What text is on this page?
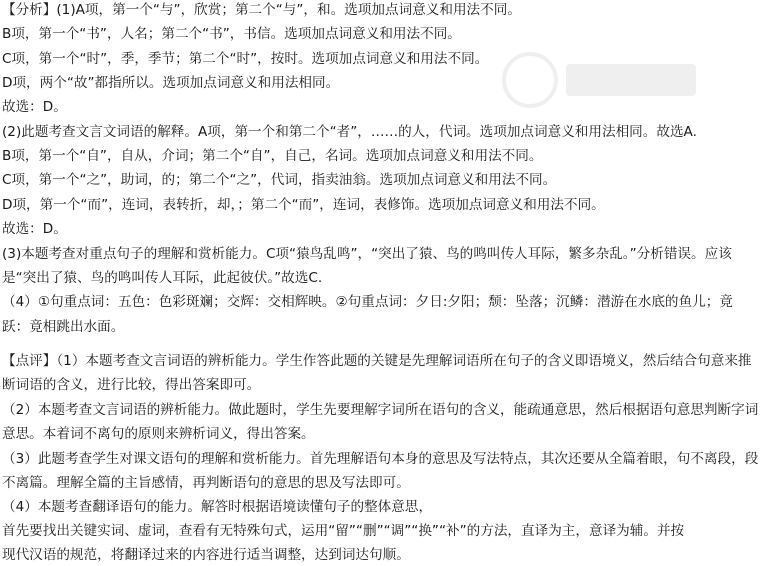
【分析】(1)A项，第一个“与”，欣赏；第二个“与”，和。选项加点词意义和用法不同。
B项，第一个“书”，人名；第二个“书”，书信。选项加点词意义和用法不同。
C项，第一个“时”，季，季节；第二个“时”，按时。选项加点词意义和用法不同。
D项，两个“故”都指所以。选项加点词意义和用法相同。
故选：D。
(2)此题考查文言文词语的解释。A项，第一个和第二个“者”，……的人，代词。选项加点词意义和用法相同。故选A.
B项，第一个“自”，自从，介词；第二个“自”，自己，名词。选项加点词意义和用法不同。
C项，第一个“之”，助词，的；第二个“之”，代词，指卖油翁。选项加点词意义和用法不同。
D项，第一个“而”，连词，表转折，却，；第二个“而”，连词，表修饰。选项加点词意义和用法不同。
故选：D。
(3)本题考查对重点句子的理解和赏析能力。C项“猿鸟乱鸣”，“突出了猿、鸟的鸣叫传人耳际，繁多杂乱。”分析错误。应该
是“突出了猿、鸟的鸣叫传人耳际，此起彼伏。”故选C.
（4）①句重点词：五色：色彩斑斓；交辉：交相辉映。②句重点词：夕日:夕阳；颓：坠落；沉鳞：潜游在水底的鱼儿；竟
跃：竟相跳出水面。
【点评】（1）本题考查文言词语的辨析能力。学生作答此题的关键是先理解词语所在句子的含义即语境义，然后结合句意来推
断词语的含义，进行比较，得出答案即可。
（2）本题考查文言词语的辨析能力。做此题时，学生先要理解字词所在语句的含义，能疏通意思，然后根据语句意思判断字词
意思。本着词不离句的原则来辨析词义，得出答案。
（3）此题考查学生对课文语句的理解和赏析能力。首先理解语句本身的意思及写法特点，其次还要从全篇着眼，句不离段，段
不离篇。理解全篇的主旨感情，再判断语句的意思的思及写法即可。
（4）本题考查翻译语句的能力。解答时根据语境读懂句子的整体意思，
首先要找出关键实词、虚词，查看有无特殊句式，运用“留”“删”“调”“换”“补”的方法，直译为主，意译为辅。并按
现代汉语的规范，将翻译过来的内容进行适当调整，达到词达句顺。
